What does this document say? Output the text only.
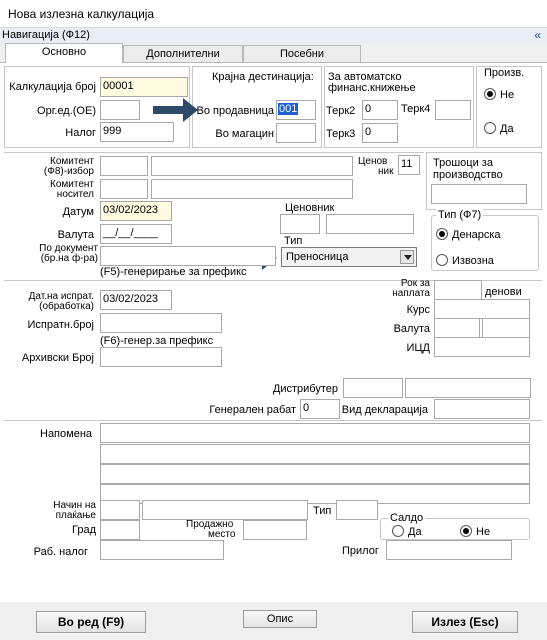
Нова излезна калкулација
Навигација (Ф12)	«
Основно	Дополнителни	Посебни
Калкулација број 00001
Орг.ед.(ОЕ)
Налог 999
Крајна дестинација:
Во продавница 001
Во магацин
За автоматско
финанс.книжење
Терк2 0	Терк4
Терк3 0
Произв.
Не
Да
Комитент
(Ф8)-избор
Комитент
носител
Ценов
ник
11	Трошоци за
производство
Датум 03/02/2023
Валута __/__/____
Ценовник
Тип (Ф7)
Денарска
Извозна
По документ
(бр.на ф-ра)
(F5)-генерирање за префикс
Тип
Преносница
Дат.на испрат.
(обработка)
03/02/2023
Испратн.број
(F6)-генер.за префикс
Архивски Број
Рок за
наплата	денови
Курс
Валута
ИЦД
Дистрибутер
Генерален рабат 0	Вид декларација
Напомена
Начин на
плаќање	Тип
Град	Продажно
место
Салдо
Да	Не
Раб. налог	Прилог
Во ред (F9)	Опис	Излез (Esc)
